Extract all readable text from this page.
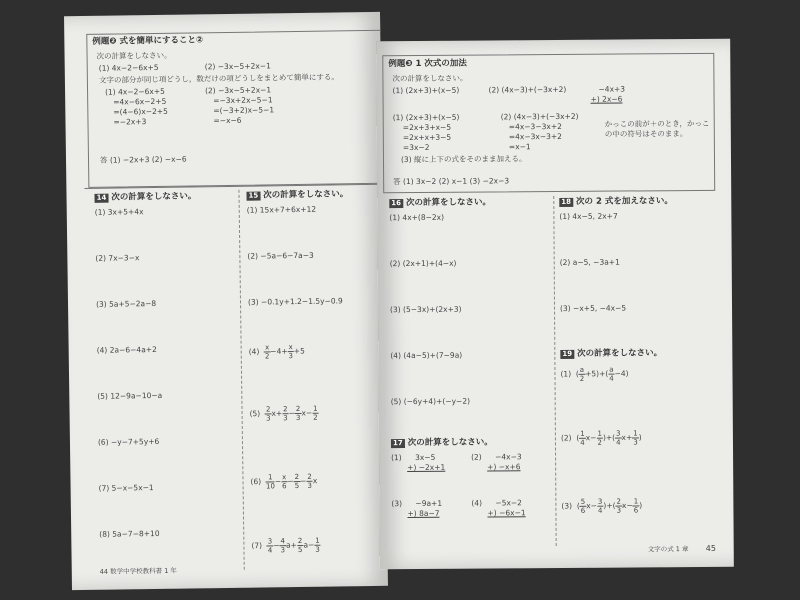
例題❷ 式を簡単にすること②
次の計算をしなさい。
(1) 4x−2−6x+5	(2) −3x−5+2x−1
文字の部分が同じ項どうし，数だけの項どうしをまとめて簡単にする。
(1) 4x−2−6x+5
=4x−6x−2+5
=(4−6)x−2+5
=−2x+3
(2) −3x−5+2x−1
=−3x+2x−5−1
=(−3+2)x−5−1
=−x−6
答 (1) −2x+3 (2) −x−6
14 次の計算をしなさい。
(1) 3x+5+4x
(2) 7x−3−x
(3) 5a+5−2a−8
(4) 2a−6−4a+2
(5) 12−9a−10−a
(6) −y−7+5y+6
(7) 5−x−5x−1
(8) 5a−7−8+10
15 次の計算をしなさい。
(1) 15x+7+6x+12
(2) −5a−6−7a−3
(3) −0.1y+1.2−1.5y−0.9
$(4) \frac{x}{2} -4+ \frac{x}{3} +5$
$(5) \frac{2}{3} x+ \frac{2}{3} - \frac{2}{3} x- \frac{1}{2}$
$(6) \frac{1}{10} - \frac{x}{6} - \frac{2}{5} - \frac{2}{3}$ x
$(7) \frac{3}{4} - \frac{4}{3} a+ \frac{2}{5} a- \frac{1}{3}$
44 数学中学校教科書 1 年
例題❸ 1 次式の加法
次の計算をしなさい。
(1) (2x+3)+(x−5)	(2) (4x−3)+(−3x+2)	−4x+3
+) 2x−6
(1) (2x+3)+(x−5)
=2x+3+x−5
=2x+x+3−5
=3x−2
(2) (4x−3)+(−3x+2)
=4x−3−3x+2
=4x−3x−3+2
=x−1
かっこの前が＋のとき，かっこ
の中の符号はそのまま。
(3) 縦に上下の式をそのまま加える。
答 (1) 3x−2 (2) x−1 (3) −2x−3
16 次の計算をしなさい。
(1) 4x+(8−2x)
(2) (2x+1)+(4−x)
(3) (5−3x)+(2x+3)
(4) (4a−5)+(7−9a)
(5) (−6y+4)+(−y−2)
17 次の計算をしなさい。
(1) 3x−5
+) −2x+1
(2) −4x−3
+) −x+6
(3) −9a+1
+) 8a−7
(4) −5x−2
+) −6x−1
18 次の 2 式を加えなさい。
(1) 4x−5, 2x+7
(2) a−5, −3a+1
(3) −x+5, −4x−5
19 次の計算をしなさい。
(1)  ( $\frac{a}{2} +5)+( \frac{a}{4} -4)$
(2)  ( $\frac{1}{4} x- \frac{1}{2}$ )+( $\frac{3}{4} x+ \frac{1}{3}$ )
(3)  ( $\frac{5}{6} x- \frac{3}{4}$ )+( $\frac{2}{3} x- \frac{1}{6}$ )
文字の式 1 章 45
